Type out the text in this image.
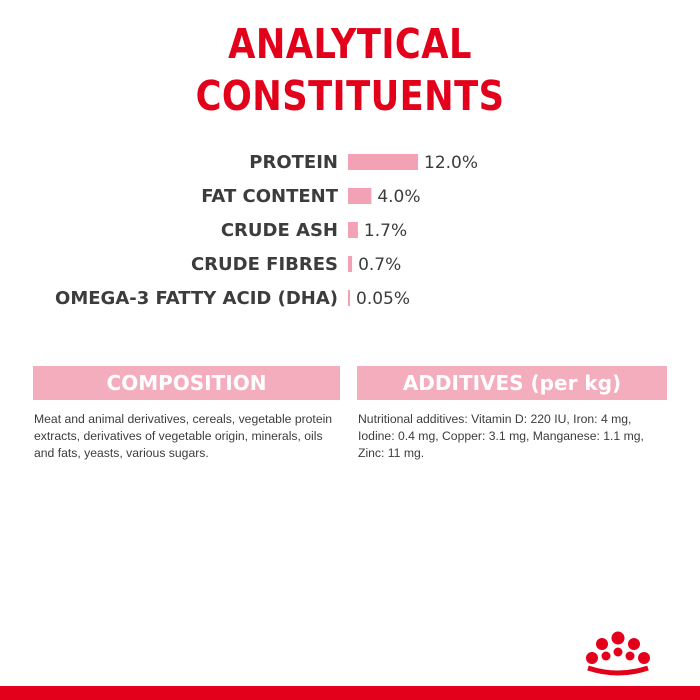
ANALYTICAL
CONSTITUENTS
PROTEIN	12.0%
FAT CONTENT 4.0%
CRUDE ASH 1.7%
CRUDE FIBRES 0.7%
OMEGA-3 FATTY ACID (DHA) 0.05%
COMPOSITION	ADDITIVES (per kg)
Meat and animal derivatives, cereals, vegetable protein extracts, derivatives of vegetable origin, minerals, oils and fats, yeasts, various sugars.
Nutritional additives: Vitamin D: 220 IU, Iron: 4 mg, Iodine: 0.4 mg, Copper: 3.1 mg, Manganese: 1.1 mg, Zinc: 11 mg.
